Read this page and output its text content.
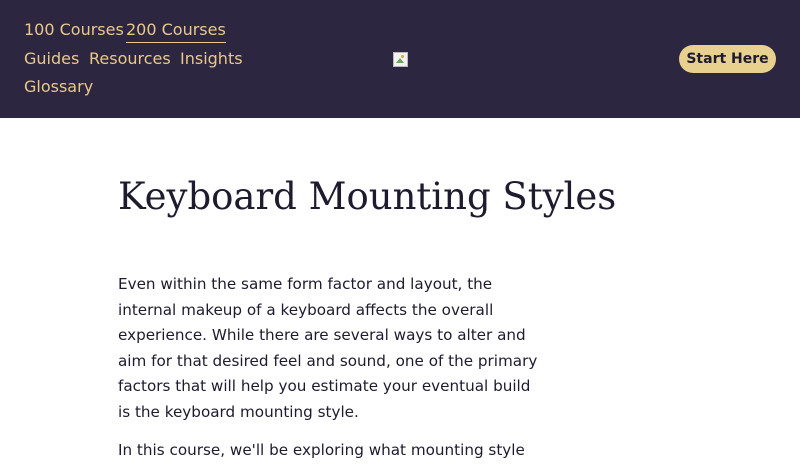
100 Courses 200 Courses
Guides Resources Insights
Glossary
Start Here
Keyboard Mounting Styles

Even within the same form factor and layout, the internal makeup of a keyboard affects the overall experience. While there are several ways to alter and aim for that desired feel and sound, one of the primary factors that will help you estimate your eventual build is the keyboard mounting style.

In this course, we'll be exploring what mounting style
